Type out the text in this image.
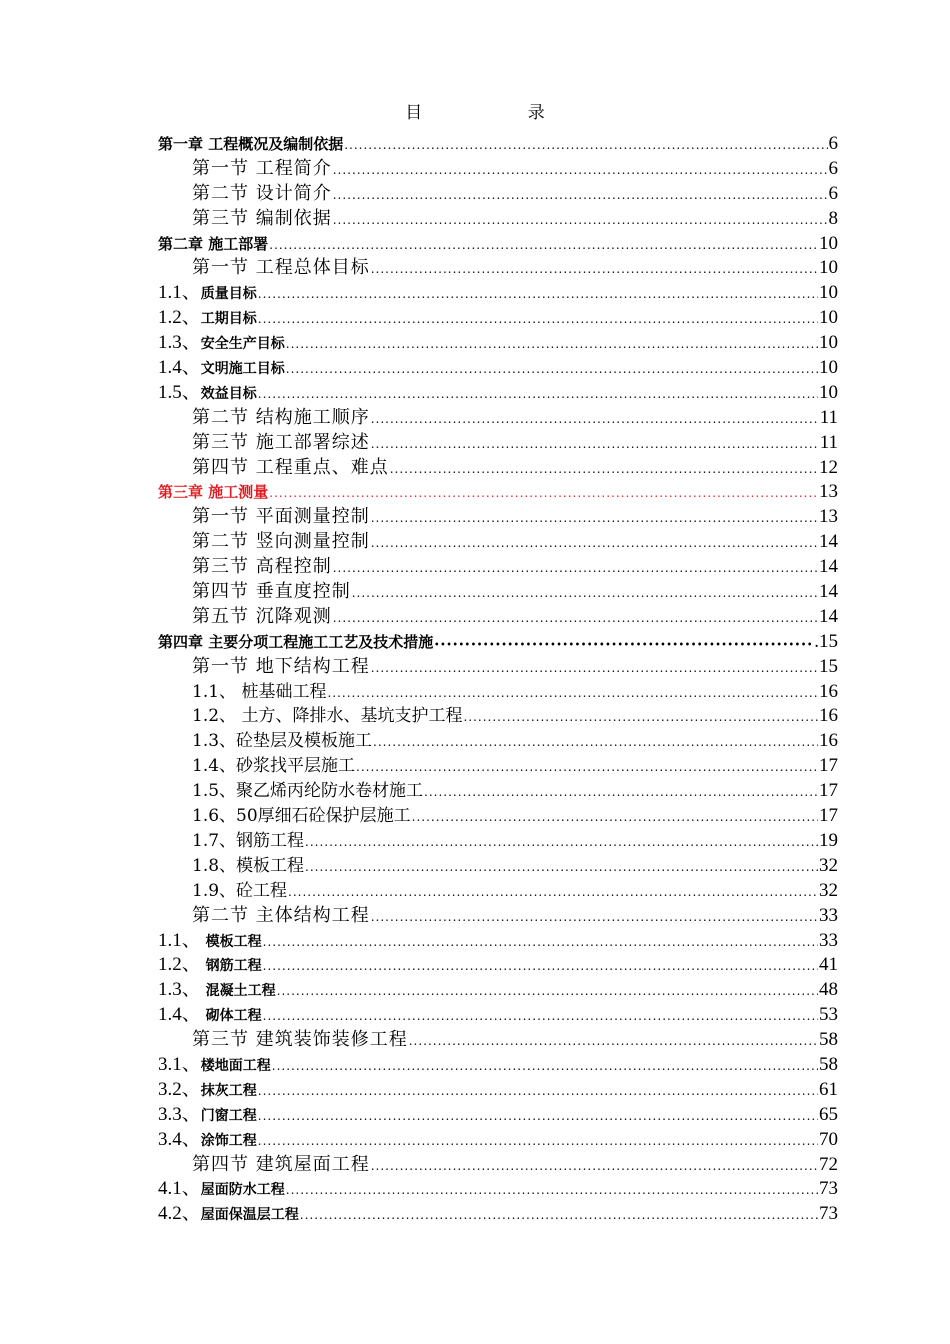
目 录
第一章 工程概况及编制依据 .....	6
第一节 工程简介 .....	6
第二节 设计简介 .....	6
第三节 编制依据 .....	8
第二章 施工部署 .....	10
第一节 工程总体目标 .....	10
1.1、质量目标 .....	10
1.2、工期目标 .....	10
1.3、安全生产目标 .....	10
1.4、文明施工目标 .....	10
1.5、效益目标 .....	10
第二节 结构施工顺序 .....	11
第三节 施工部署综述 .....	11
第四节 工程重点、难点 .....	12
第三章 施工测量 .....	13
第一节 平面测量控制 .....	13
第二节 竖向测量控制 .....	14
第三节 高程控制 .....	14
第四节 垂直度控制 .....	14
第五节 沉降观测 .....	14
第四章 主要分项工程施工工艺及技术措施 •••••	.15
第一节 地下结构工程 .....	15
1.1、 桩基础工程 .....	16
1.2、 土方、降排水、基坑支护工程 .....	16
1.3、砼垫层及模板施工 .....	16
1.4、砂浆找平层施工 .....	17
1.5、聚乙烯丙纶防水卷材施工 .....	17
1.6、50厚细石砼保护层施工 .....	17
1.7、钢筋工程 .....	19
1.8、模板工程 .....	32
1.9、砼工程 .....	32
第二节 主体结构工程 .....	33
1.1、 模板工程 .....	33
1.2、 钢筋工程 .....	41
1.3、 混凝土工程 .....	48
1.4、 砌体工程 .....	53
第三节 建筑装饰装修工程 .....	58
3.1、楼地面工程 .....	58
3.2、抹灰工程 .....	61
3.3、门窗工程 .....	65
3.4、涂饰工程 .....	70
第四节 建筑屋面工程 .....	72
4.1、屋面防水工程 .....	73
4.2、屋面保温层工程 .....	73
